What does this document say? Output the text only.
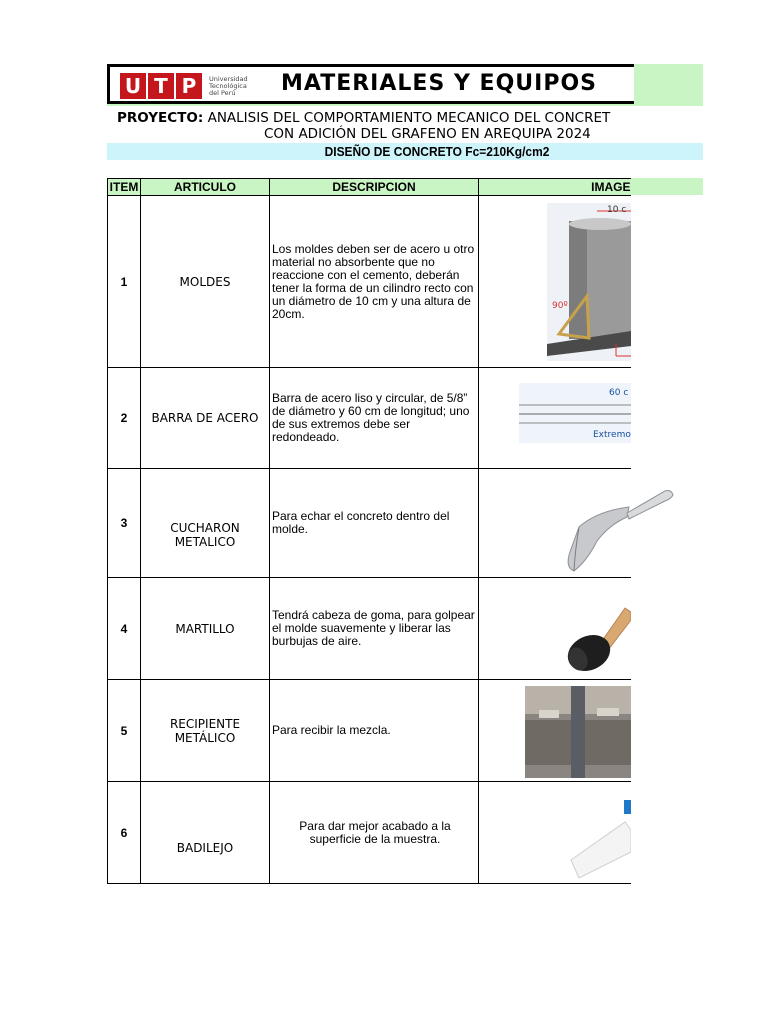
U T P	Universidad
Tecnológica
del Perú	MATERIALES Y EQUIPOS
PROYECTO: ANALISIS DEL COMPORTAMIENTO MECANICO DEL CONCRET
CON ADICIÓN DEL GRAFENO EN AREQUIPA 2024
DISEÑO DE CONCRETO Fc=210Kg/cm2
ITEM	ARTICULO	DESCRIPCION	IMAGE
1	MOLDES	Los moldes deben ser de acero u otro material no absorbente que no reaccione con el cemento, deberán tener la forma de un cilindro recto con un diámetro de 10 cm y una altura de 20cm.	10 c
90º

2	BARRA DE ACERO	Barra de acero liso y circular, de 5/8” de diámetro y 60 cm de longitud; uno de sus extremos debe ser redondeado.	60 c
Extremo

3	CUCHARON METALICO	Para echar el concreto dentro del molde.	

4	MARTILLO	Tendrá cabeza de goma, para golpear el molde suavemente y liberar las burbujas de aire.	

5	RECIPIENTE METÁLICO	Para recibir la mezcla.	

6	BADILEJO	Para dar mejor acabado a la superficie de la muestra.	
